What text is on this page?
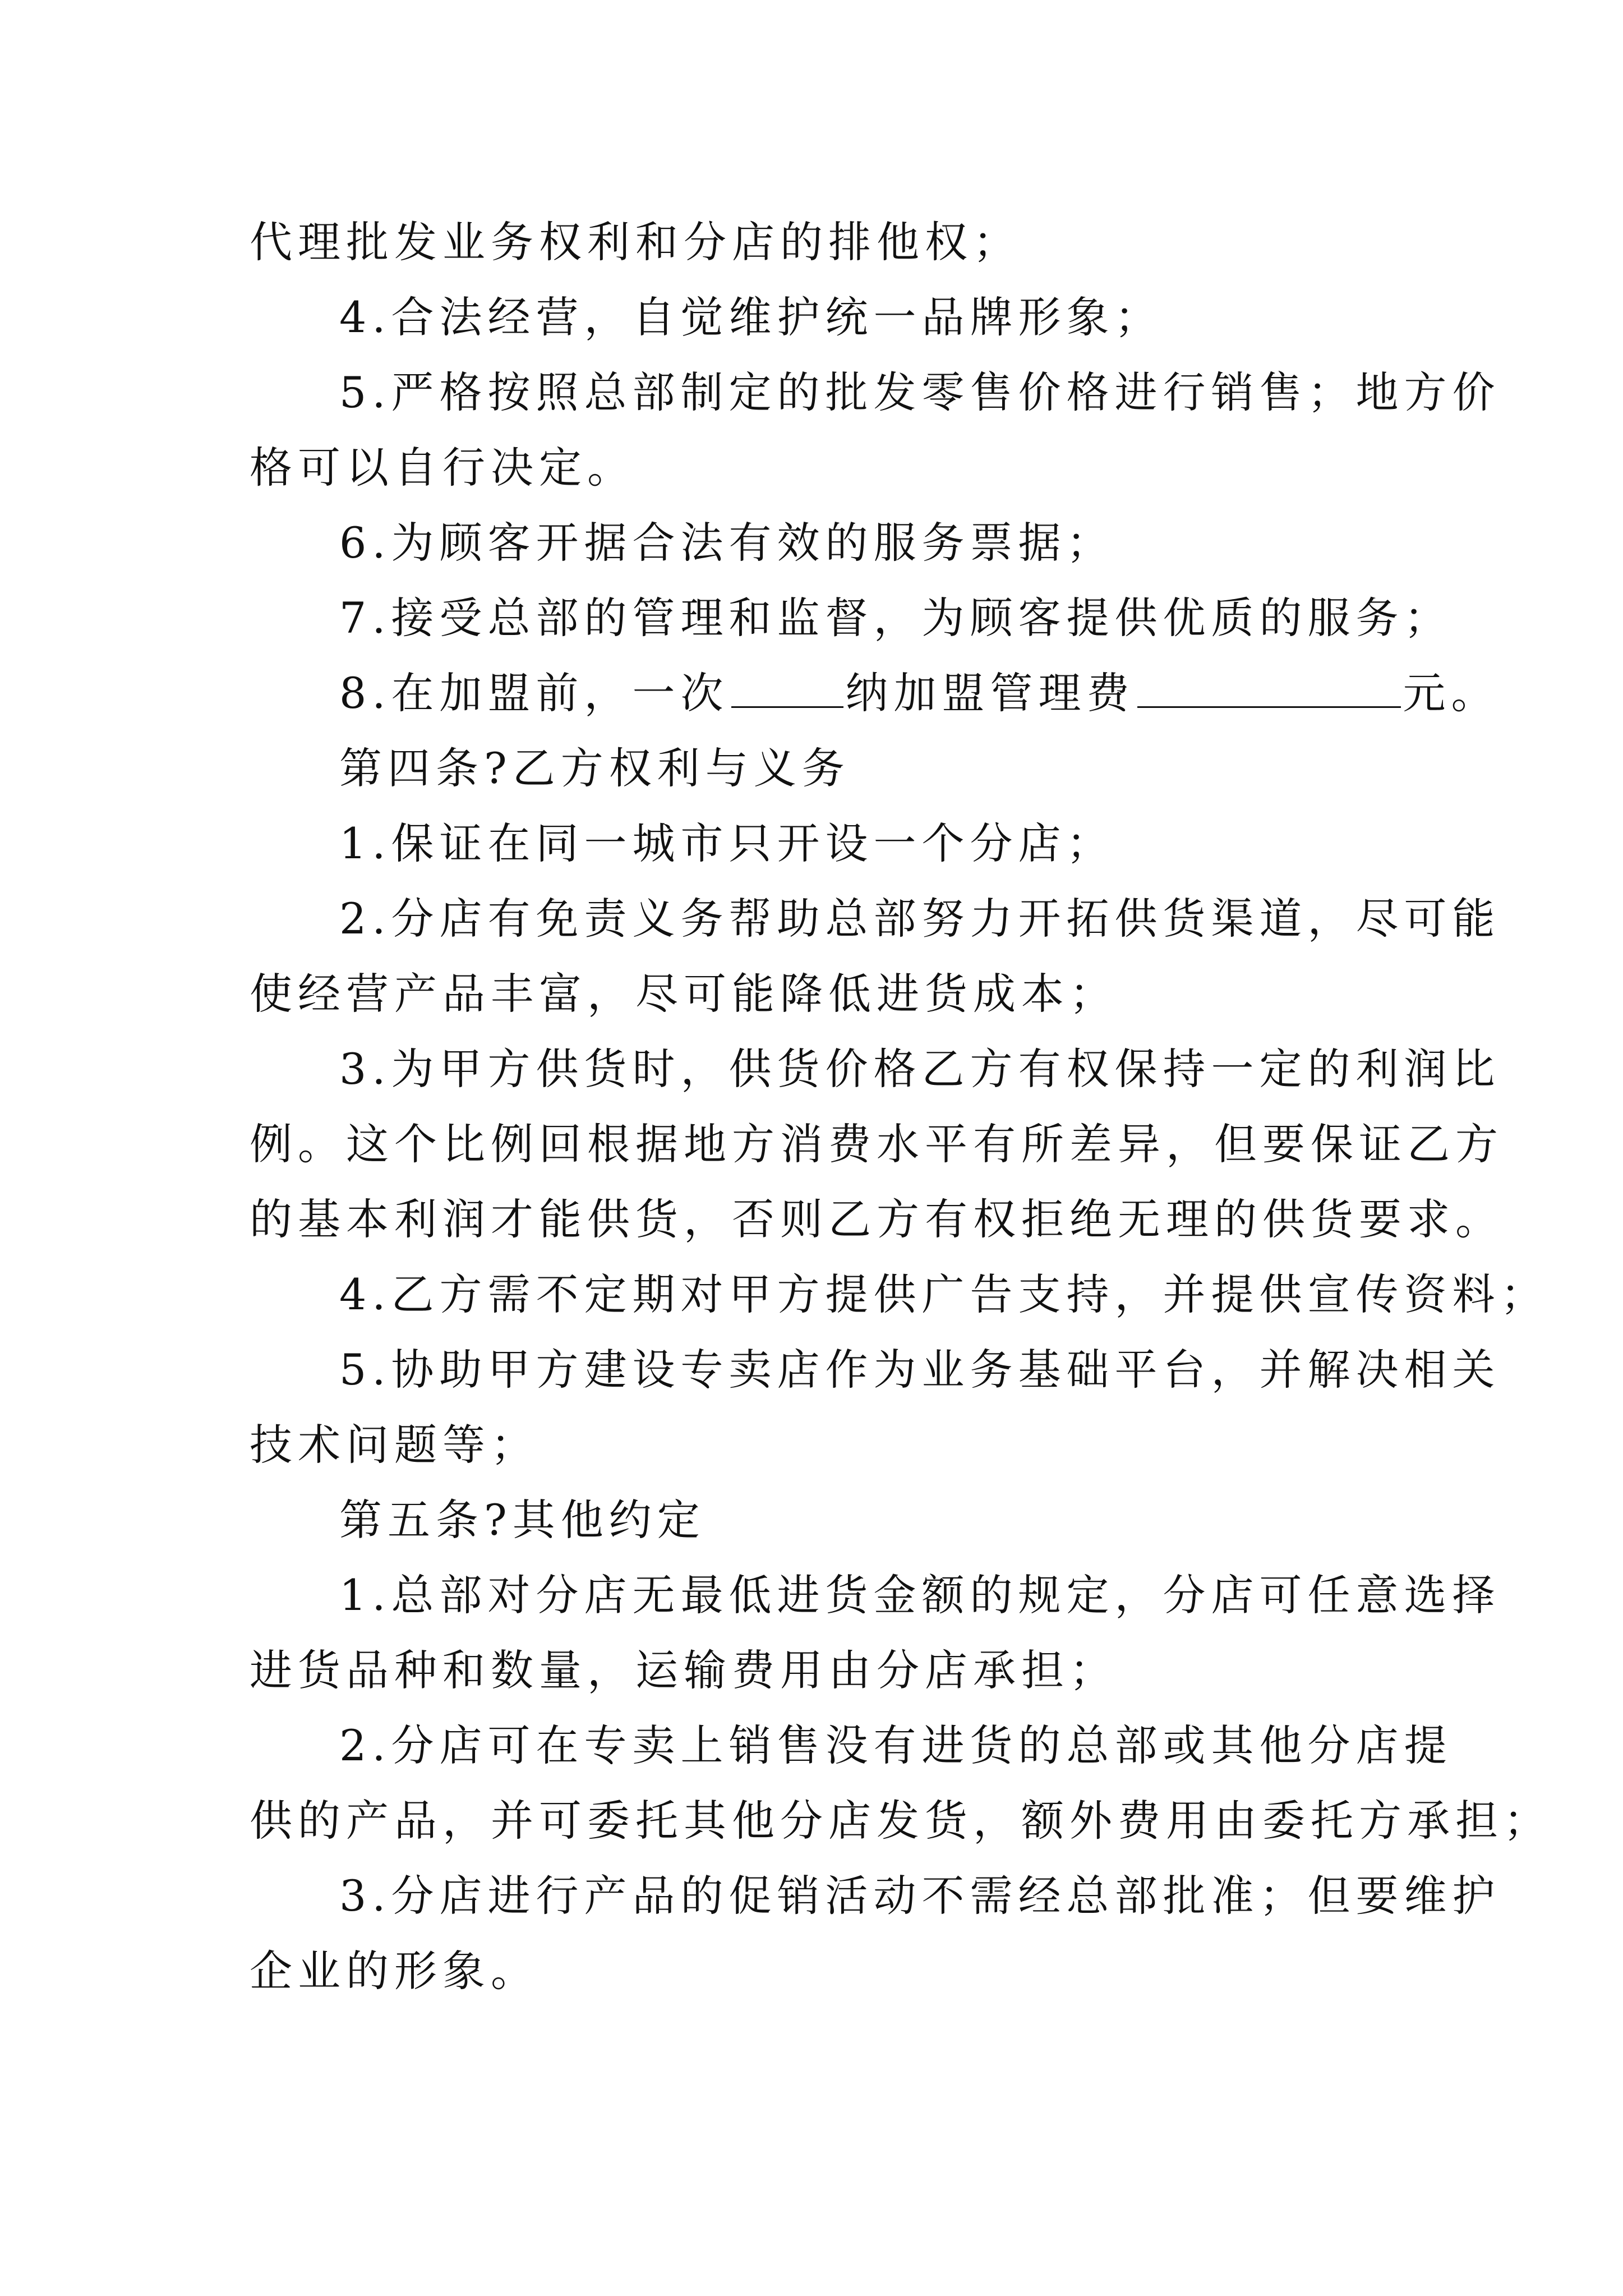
代理批发业务权利和分店的排他权；
4.合法经营，自觉维护统一品牌形象；
5.严格按照总部制定的批发零售价格进行销售；地方价
格可以自行决定。
6.为顾客开据合法有效的服务票据；
7.接受总部的管理和监督，为顾客提供优质的服务；
8.在加盟前，一次	纳加盟管理费	元。
第四条?乙方权利与义务
1.保证在同一城市只开设一个分店；
2.分店有免责义务帮助总部努力开拓供货渠道，尽可能
使经营产品丰富，尽可能降低进货成本；
3.为甲方供货时，供货价格乙方有权保持一定的利润比
例。这个比例回根据地方消费水平有所差异，但要保证乙方
的基本利润才能供货，否则乙方有权拒绝无理的供货要求。
4.乙方需不定期对甲方提供广告支持，并提供宣传资料；
5.协助甲方建设专卖店作为业务基础平台，并解决相关
技术问题等；
第五条?其他约定
1.总部对分店无最低进货金额的规定，分店可任意选择
进货品种和数量，运输费用由分店承担；
2.分店可在专卖上销售没有进货的总部或其他分店提
供的产品，并可委托其他分店发货，额外费用由委托方承担；
3.分店进行产品的促销活动不需经总部批准；但要维护
企业的形象。
